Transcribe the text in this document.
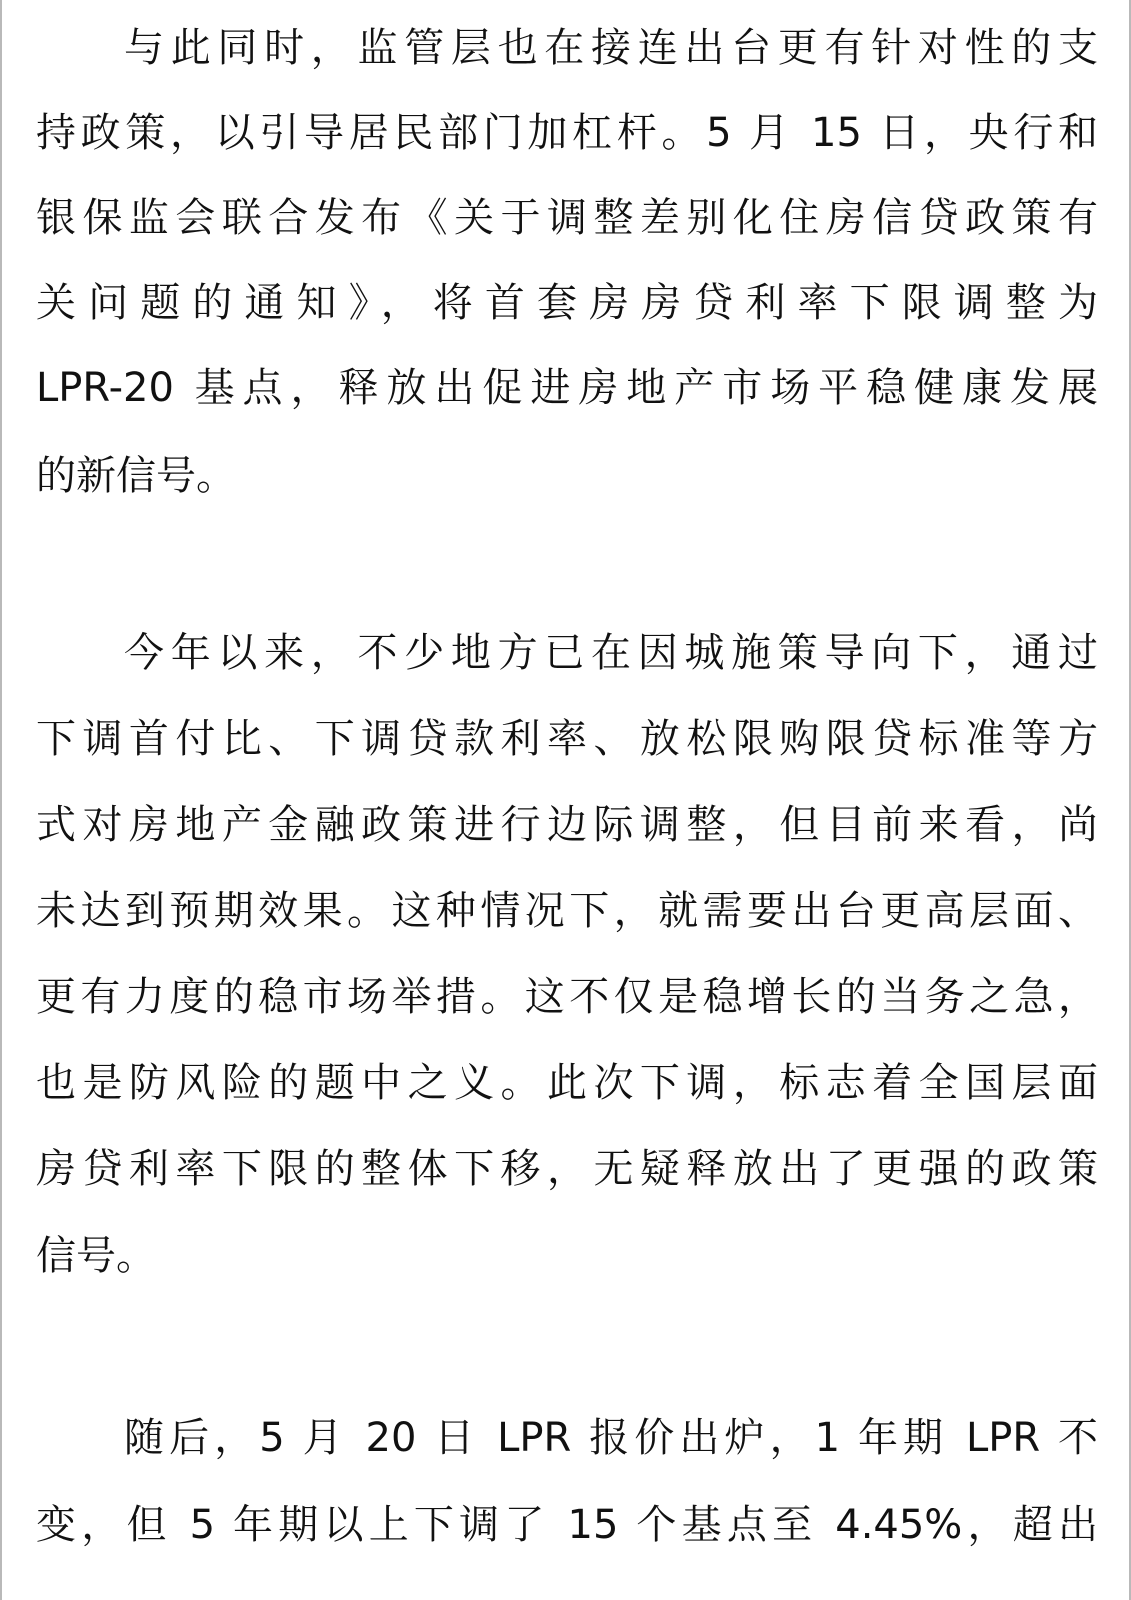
与此同时，监管层也在接连出台更有针对性的支
持政策，以引导居民部门加杠杆。5 月 15 日，央行和
银保监会联合发布《关于调整差别化住房信贷政策有
关问题的通知》，将首套房房贷利率下限调整为
LPR-20 基点，释放出促进房地产市场平稳健康发展
的新信号。
今年以来，不少地方已在因城施策导向下，通过
下调首付比、下调贷款利率、放松限购限贷标准等方
式对房地产金融政策进行边际调整，但目前来看，尚
未达到预期效果。这种情况下，就需要出台更高层面、
更有力度的稳市场举措。这不仅是稳增长的当务之急，
也是防风险的题中之义。此次下调，标志着全国层面
房贷利率下限的整体下移，无疑释放出了更强的政策
信号。
随后，5 月 20 日 LPR 报价出炉，1 年期 LPR 不
变，但 5 年期以上下调了 15 个基点至 4.45%，超出
